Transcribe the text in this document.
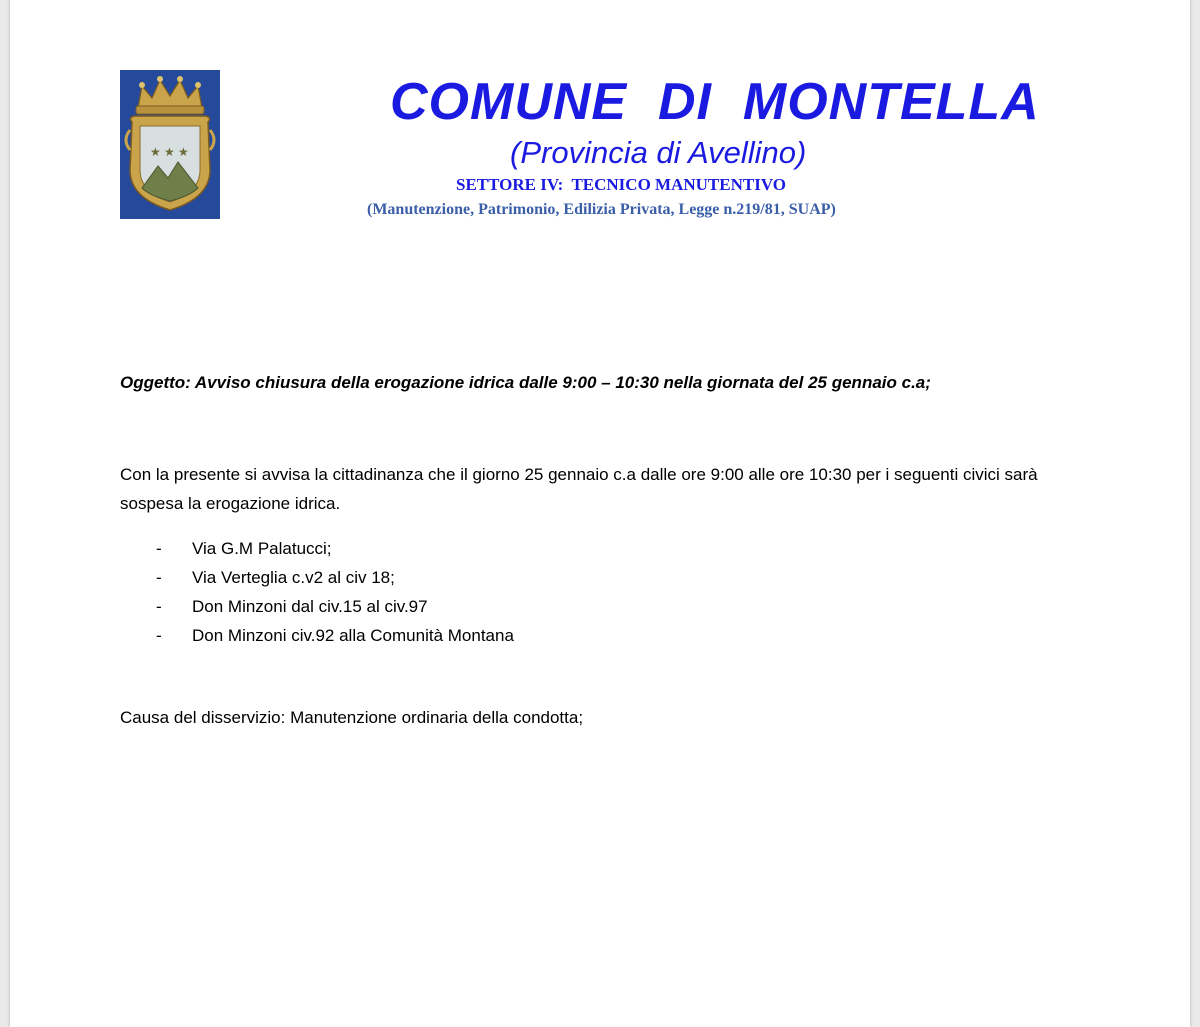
★ ★ ★
COMUNE  DI  MONTELLA
(Provincia di Avellino)
SETTORE IV:  TECNICO MANUTENTIVO
(Manutenzione, Patrimonio, Edilizia Privata, Legge n.219/81, SUAP)

Oggetto: Avviso chiusura della erogazione idrica dalle 9:00 – 10:30 nella giornata del 25 gennaio c.a;

Con la presente si avvisa la cittadinanza che il giorno 25 gennaio c.a dalle ore 9:00 alle ore 10:30 per i seguenti civici sarà sospesa la erogazione idrica.

- Via G.M Palatucci;
- Via Verteglia c.v2 al civ 18;
- Don Minzoni dal civ.15 al civ.97
- Don Minzoni civ.92 alla Comunità Montana

Causa del disservizio: Manutenzione ordinaria della condotta;
